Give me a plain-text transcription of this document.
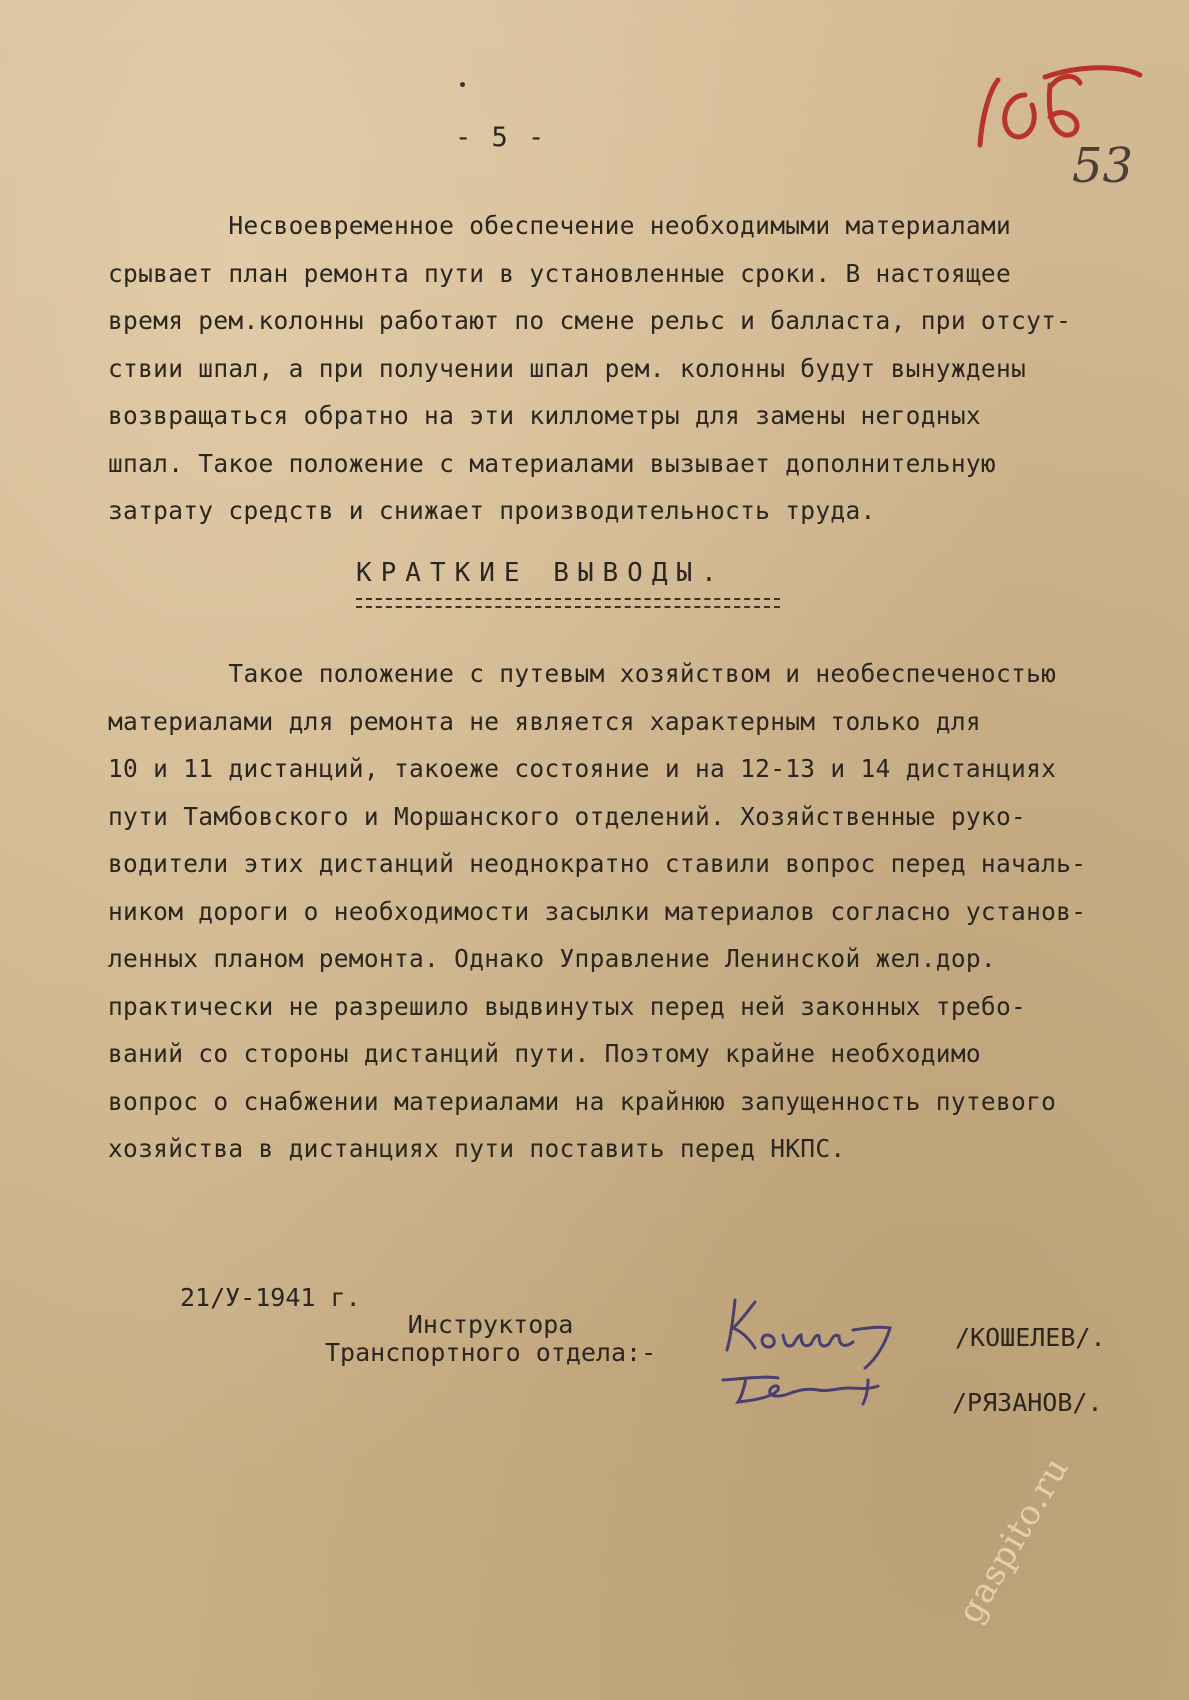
- 5 -
53
Несвоевременное обеспечение необходимыми материалами
срывает план ремонта пути в установленные сроки. В настоящее
время рем.колонны работают по смене рельс и балласта, при отсут-
ствии шпал, а при получении шпал рем. колонны будут вынуждены
возвращаться обратно на эти киллометры для замены негодных
шпал. Такое положение с материалами вызывает дополнительную
затрату средств и снижает производительность труда.
КРАТКИЕ ВЫВОДЫ.
Такое положение с путевым хозяйством и необеспеченостью
материалами для ремонта не является характерным только для
10 и 11 дистанций, такоеже состояние и на 12-13 и 14 дистанциях
пути Тамбовского и Моршанского отделений. Хозяйственные руко-
водители этих дистанций неоднократно ставили вопрос перед началь-
ником дороги о необходимости засылки материалов согласно установ-
ленных планом ремонта. Однако Управление Ленинской жел.дор.
практически не разрешило выдвинутых перед ней законных требо-
ваний со стороны дистанций пути. Поэтому крайне необходимо
вопрос о снабжении материалами на крайнюю запущенность путевого
хозяйства в дистанциях пути поставить перед НКПС.
21/У-1941 г.
Инструктора
Транспортного отдела:-
/КОШЕЛЕВ/.
/РЯЗАНОВ/.
gaspito.ru
